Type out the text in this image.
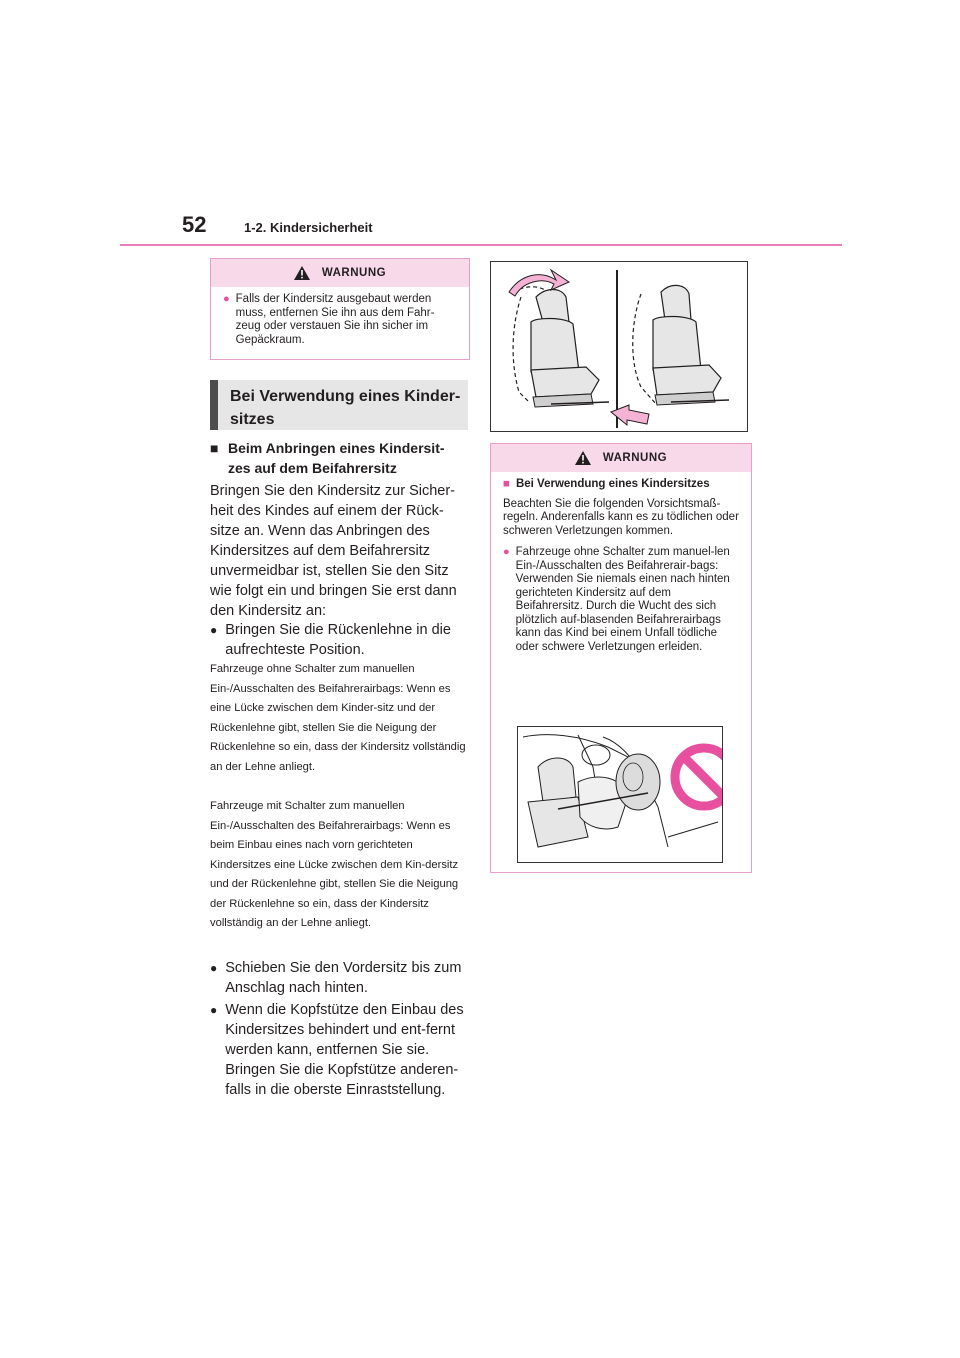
52	1-2. Kindersicherheit
WARNUNG
● Falls der Kindersitz ausgebaut werden muss, entfernen Sie ihn aus dem Fahr-zeug oder verstauen Sie ihn sicher im Gepäckraum.
Bei Verwendung eines Kinder-
sitzes
■ Beim Anbringen eines Kindersit-
zes auf dem Beifahrersitz
Bringen Sie den Kindersitz zur Sicher-heit des Kindes auf einem der Rück-sitze an. Wenn das Anbringen des Kindersitzes auf dem Beifahrersitz unvermeidbar ist, stellen Sie den Sitz wie folgt ein und bringen Sie erst dann den Kindersitz an:
● Bringen Sie die Rückenlehne in die aufrechteste Position.
Fahrzeuge ohne Schalter zum manuellen Ein-/Ausschalten des Beifahrerairbags: Wenn es eine Lücke zwischen dem Kinder-sitz und der Rückenlehne gibt, stellen Sie die Neigung der Rückenlehne so ein, dass der Kindersitz vollständig an der Lehne anliegt.
Fahrzeuge mit Schalter zum manuellen Ein-/Ausschalten des Beifahrerairbags: Wenn es beim Einbau eines nach vorn gerichteten Kindersitzes eine Lücke zwischen dem Kin-dersitz und der Rückenlehne gibt, stellen Sie die Neigung der Rückenlehne so ein, dass der Kindersitz vollständig an der Lehne anliegt.
● Schieben Sie den Vordersitz bis zum Anschlag nach hinten.
● Wenn die Kopfstütze den Einbau des Kindersitzes behindert und ent-fernt werden kann, entfernen Sie sie. Bringen Sie die Kopfstütze anderen-falls in die oberste Einraststellung.
WARNUNG
■ Bei Verwendung eines Kindersitzes
Beachten Sie die folgenden Vorsichtsmaß-regeln. Anderenfalls kann es zu tödlichen oder schweren Verletzungen kommen.
● Fahrzeuge ohne Schalter zum manuel-len Ein-/Ausschalten des Beifahrerair-bags: Verwenden Sie niemals einen nach hinten gerichteten Kindersitz auf dem Beifahrersitz. Durch die Wucht des sich plötzlich auf-blasenden Beifahrerairbags kann das Kind bei einem Unfall tödliche oder schwere Verletzungen erleiden.
